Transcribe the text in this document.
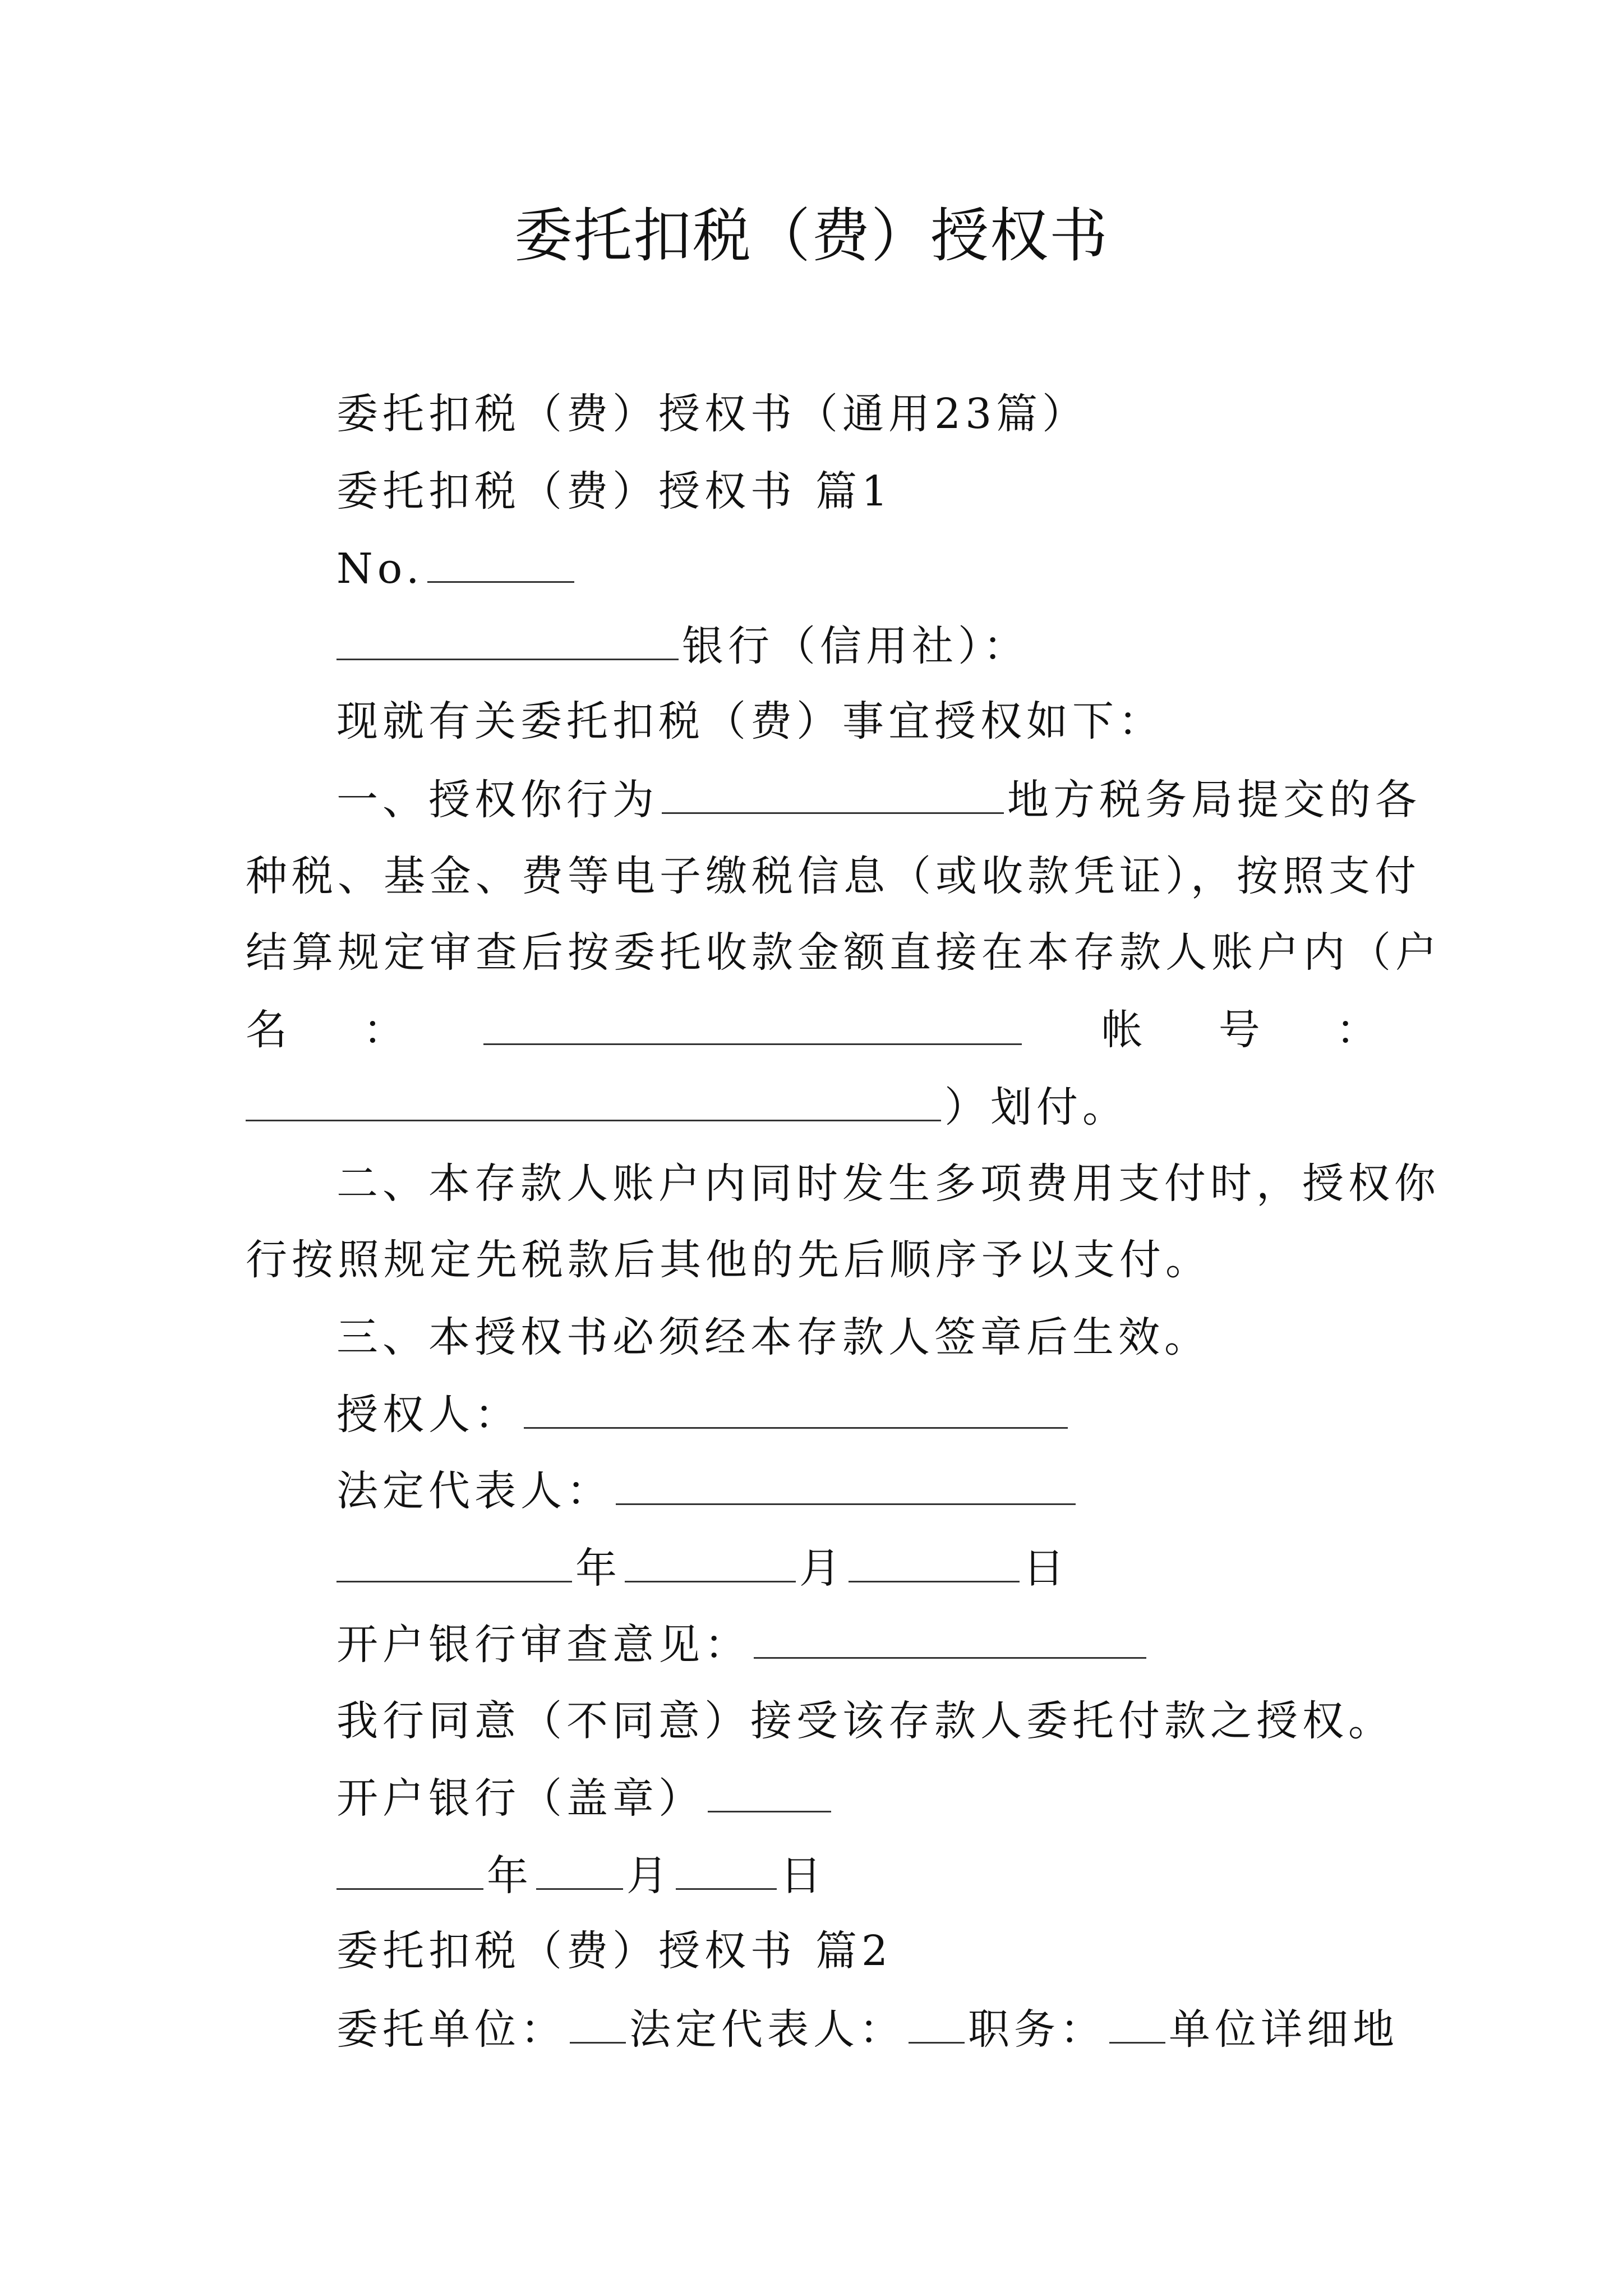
委托扣税（费）授权书
委托扣税（费）授权书（通用23篇）
委托扣税（费）授权书 篇1
No.
银行（信用社）：
现就有关委托扣税（费）事宜授权如下：
一、授权你行为	地方税务局提交的各
种税、基金、费等电子缴税信息（或收款凭证），按照支付
结算规定审查后按委托收款金额直接在本存款人账户内（户
名 ：	帐 号 ：
）划付。
二、本存款人账户内同时发生多项费用支付时，授权你
行按照规定先税款后其他的先后顺序予以支付。
三、本授权书必须经本存款人签章后生效。
授权人：
法定代表人：
年	月	日
开户银行审查意见：
我行同意（不同意）接受该存款人委托付款之授权。
开户银行（盖章）
年 月	日
委托扣税（费）授权书 篇2
委托单位： 法定代表人： 职务： 单位详细地
